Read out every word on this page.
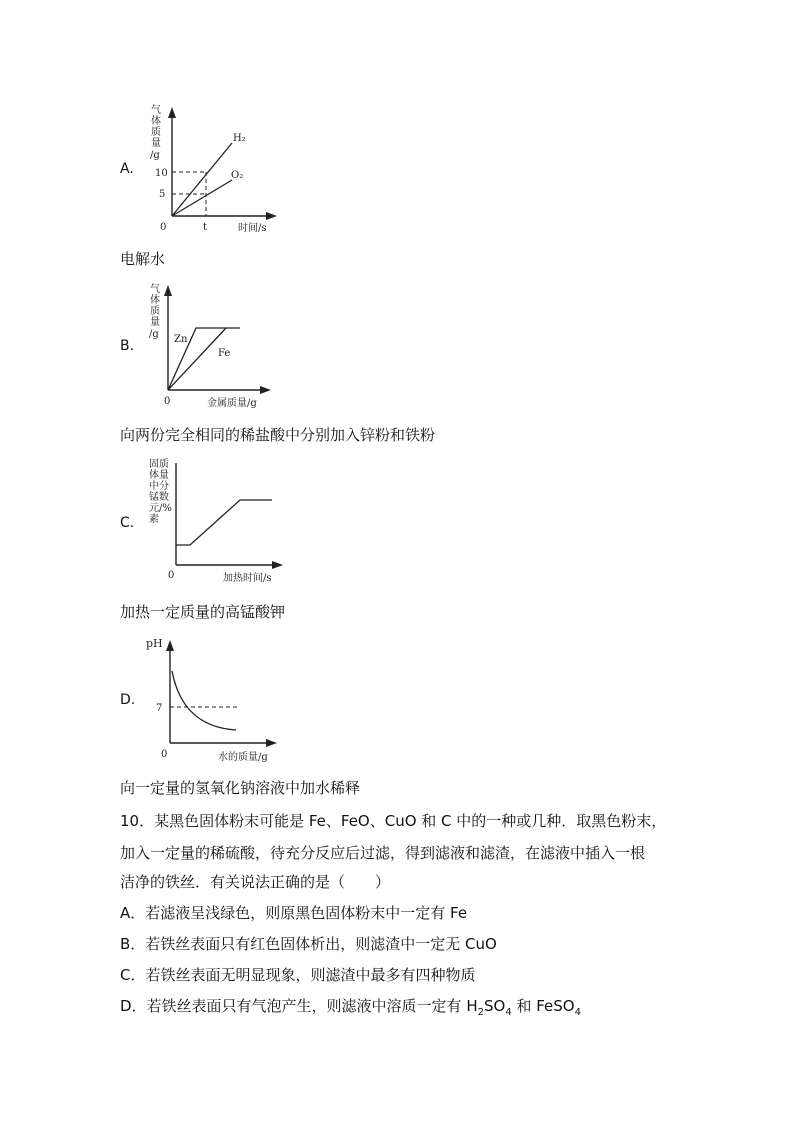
A.
气
体
质
量
/g
0
10
5
t
H₂
O₂
时间/s
电解水
B.
气
体
质
量
/g
0
Zn
Fe
金属质量/g
向两份完全相同的稀盐酸中分别加入锌粉和铁粉
C.
固质
体量
中分
锰数
元/%
素
0	加热时间/s
加热一定质量的高锰酸钾
D.
pH
0
7
水的质量/g
向一定量的氢氧化钠溶液中加水稀释
10．某黑色固体粉末可能是 Fe、FeO、CuO 和 C 中的一种或几种．取黑色粉末，
加入一定量的稀硫酸，待充分反应后过滤，得到滤液和滤渣，在滤液中插入一根
洁净的铁丝．有关说法正确的是（　　）
A．若滤液呈浅绿色，则原黑色固体粉末中一定有 Fe
B．若铁丝表面只有红色固体析出，则滤渣中一定无 CuO
C．若铁丝表面无明显现象，则滤渣中最多有四种物质
D．若铁丝表面只有气泡产生，则滤液中溶质一定有 $H_2SO_4$ 和 FeSO$_4$
